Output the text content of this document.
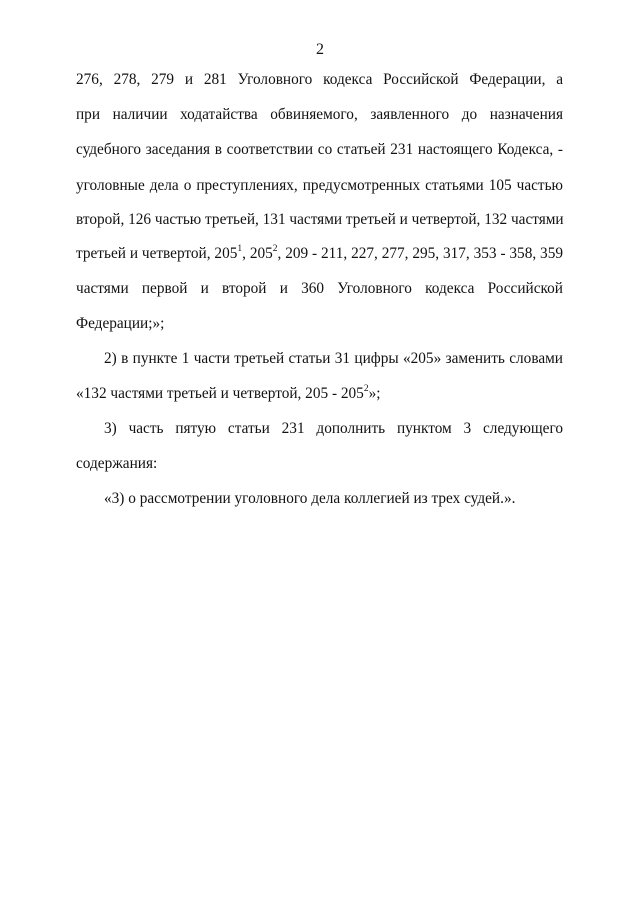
2
276, 278, 279 и 281 Уголовного кодекса Российской Федерации, а
при наличии ходатайства обвиняемого, заявленного до назначения
судебного заседания в соответствии со статьей 231 настоящего Кодекса, -
уголовные дела о преступлениях, предусмотренных статьями 105 частью
второй, 126 частью третьей, 131 частями третьей и четвертой, 132 частями
третьей и четвертой, $205^1$, $205^2$, 209 - 211, 227, 277, 295, 317, 353 - 358, 359
частями первой и второй и 360 Уголовного кодекса Российской
Федерации;»;
2) в пункте 1 части третьей статьи 31 цифры «205» заменить словами
«132 частями третьей и четвертой, $205 - 205^2$»;
3) часть пятую статьи 231 дополнить пунктом 3 следующего
содержания:
«3) о рассмотрении уголовного дела коллегией из трех судей.».
